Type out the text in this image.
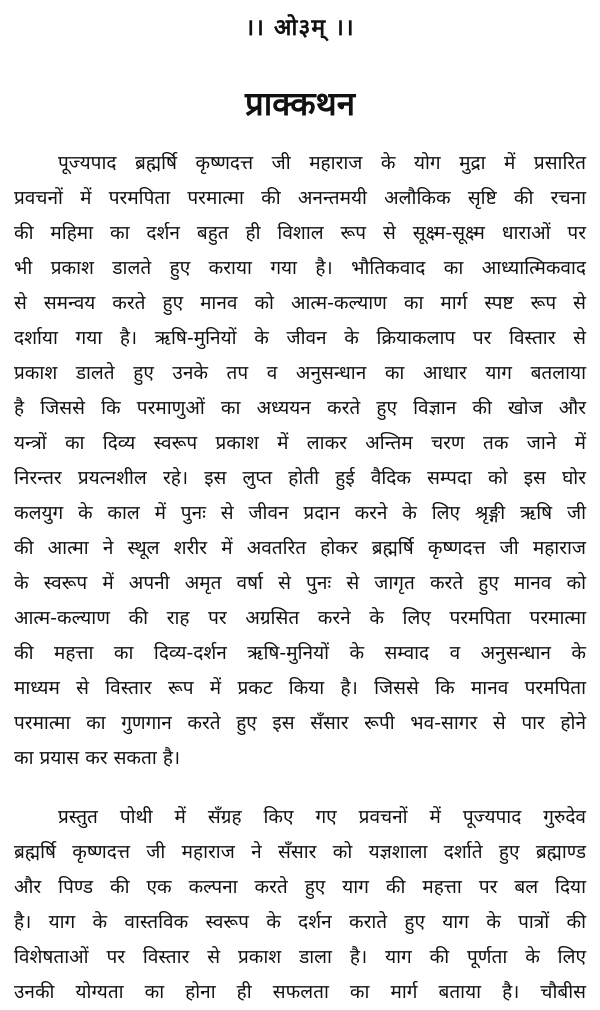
।। ओ३म् ।।
प्राक्कथन

पूज्यपाद ब्रह्मर्षि कृष्णदत्त जी महाराज के योग मुद्रा में प्रसारित
प्रवचनों में परमपिता परमात्मा की अनन्तमयी अलौकिक सृष्टि की रचना
की महिमा का दर्शन बहुत ही विशाल रूप से सूक्ष्म-सूक्ष्म धाराओं पर
भी प्रकाश डालते हुए कराया गया है। भौतिकवाद का आध्यात्मिकवाद
से समन्वय करते हुए मानव को आत्म-कल्याण का मार्ग स्पष्ट रूप से
दर्शाया गया है। ऋषि-मुनियों के जीवन के क्रियाकलाप पर विस्तार से
प्रकाश डालते हुए उनके तप व अनुसन्धान का आधार याग बतलाया
है जिससे कि परमाणुओं का अध्ययन करते हुए विज्ञान की खोज और
यन्त्रों का दिव्य स्वरूप प्रकाश में लाकर अन्तिम चरण तक जाने में
निरन्तर प्रयत्नशील रहे। इस लुप्त होती हुई वैदिक सम्पदा को इस घोर
कलयुग के काल में पुनः से जीवन प्रदान करने के लिए श्रृङ्गी ऋषि जी
की आत्मा ने स्थूल शरीर में अवतरित होकर ब्रह्मर्षि कृष्णदत्त जी महाराज
के स्वरूप में अपनी अमृत वर्षा से पुनः से जागृत करते हुए मानव को
आत्म-कल्याण की राह पर अग्रसित करने के लिए परमपिता परमात्मा
की महत्ता का दिव्य-दर्शन ऋषि-मुनियों के सम्वाद व अनुसन्धान के
माध्यम से विस्तार रूप में प्रकट किया है। जिससे कि मानव परमपिता
परमात्मा का गुणगान करते हुए इस सँसार रूपी भव-सागर से पार होने
का प्रयास कर सकता है।

प्रस्तुत पोथी में सँग्रह किए गए प्रवचनों में पूज्यपाद गुरुदेव
ब्रह्मर्षि कृष्णदत्त जी महाराज ने सँसार को यज्ञशाला दर्शाते हुए ब्रह्माण्ड
और पिण्ड की एक कल्पना करते हुए याग की महत्ता पर बल दिया
है। याग के वास्तविक स्वरूप के दर्शन कराते हुए याग के पात्रों की
विशेषताओं पर विस्तार से प्रकाश डाला है। याग की पूर्णता के लिए
उनकी योग्यता का होना ही सफलता का मार्ग बताया है। चौबीस
